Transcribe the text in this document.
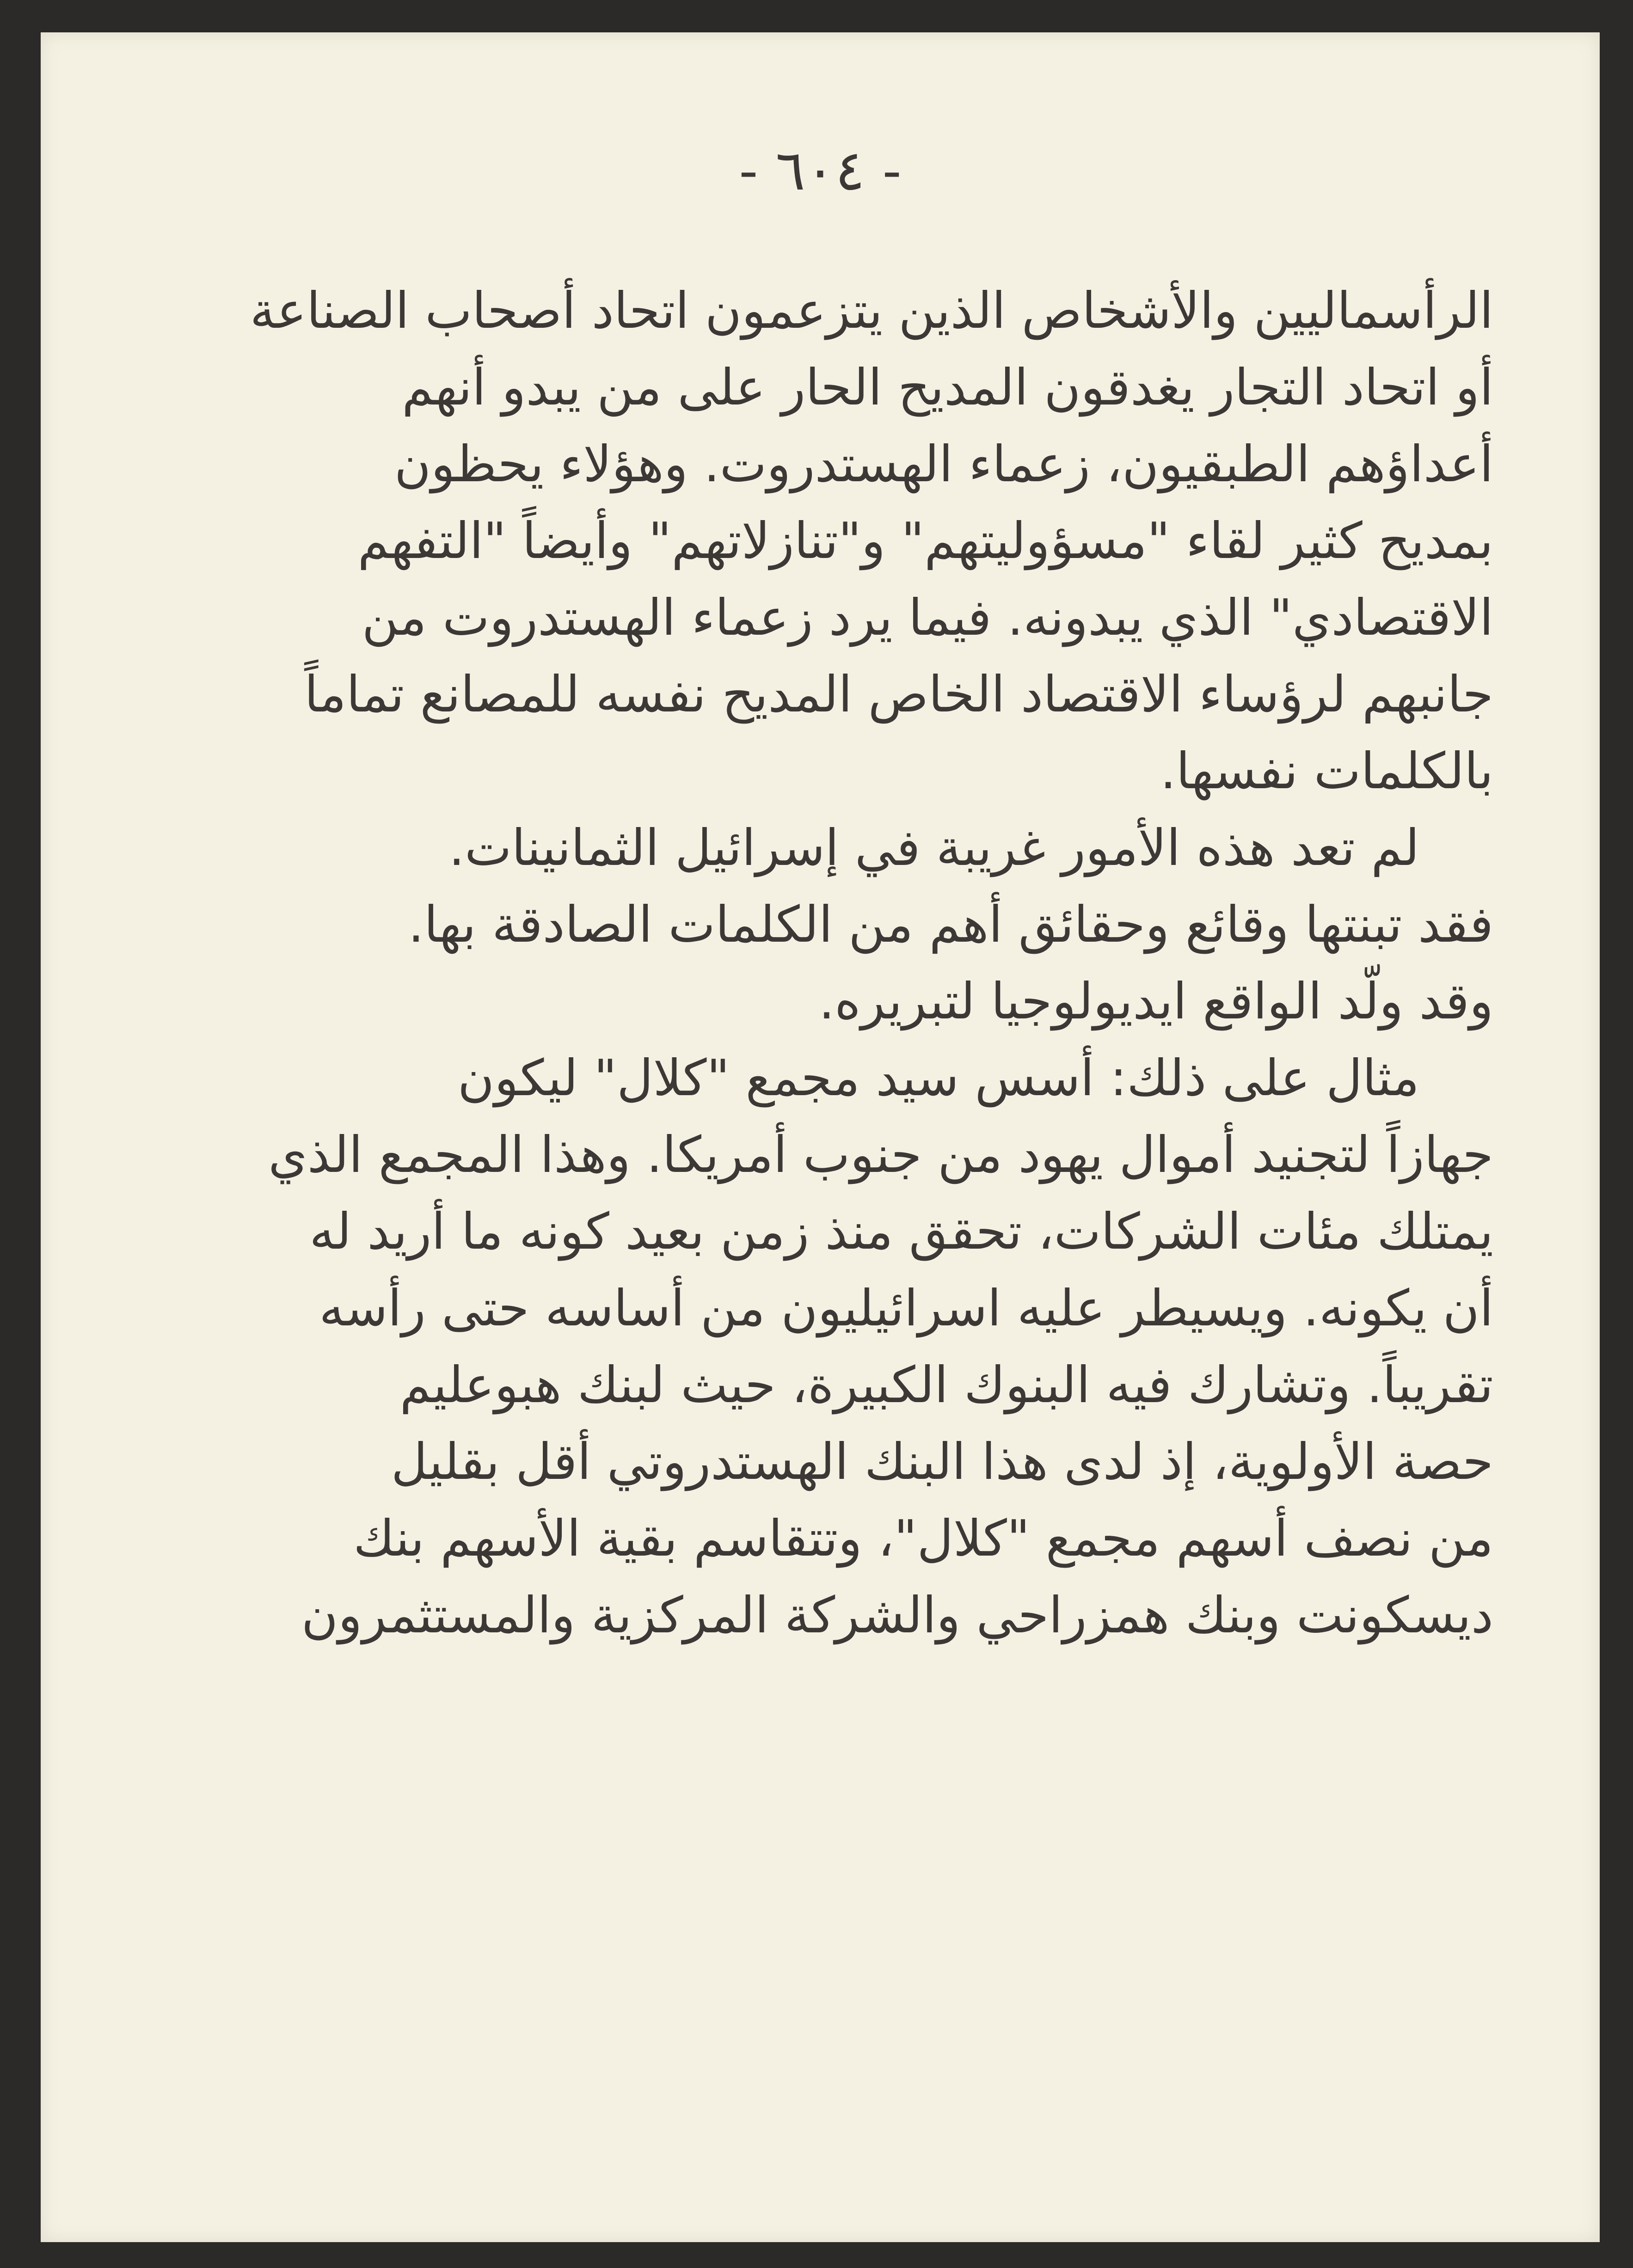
- ٦٠٤ -
الرأسماليين والأشخاص الذين يتزعمون اتحاد أصحاب الصناعة
أو اتحاد التجار يغدقون المديح الحار على من يبدو أنهم
أعداؤهم الطبقيون، زعماء الهستدروت. وهؤلاء يحظون
بمديح كثير لقاء "مسؤوليتهم" و"تنازلاتهم" وأيضاً "التفهم
الاقتصادي" الذي يبدونه. فيما يرد زعماء الهستدروت من
جانبهم لرؤساء الاقتصاد الخاص المديح نفسه للمصانع تماماً
بالكلمات نفسها.
لم تعد هذه الأمور غريبة في إسرائيل الثمانينات.
فقد تبنتها وقائع وحقائق أهم من الكلمات الصادقة بها.
وقد ولّد الواقع ايديولوجيا لتبريره.
مثال على ذلك: أسس سيد مجمع "كلال" ليكون
جهازاً لتجنيد أموال يهود من جنوب أمريكا. وهذا المجمع الذي
يمتلك مئات الشركات، تحقق منذ زمن بعيد كونه ما أريد له
أن يكونه. ويسيطر عليه اسرائيليون من أساسه حتى رأسه
تقريباً. وتشارك فيه البنوك الكبيرة، حيث لبنك هبوعليم
حصة الأولوية، إذ لدى هذا البنك الهستدروتي أقل بقليل
من نصف أسهم مجمع "كلال"، وتتقاسم بقية الأسهم بنك
ديسكونت وبنك همزراحي والشركة المركزية والمستثمرون
